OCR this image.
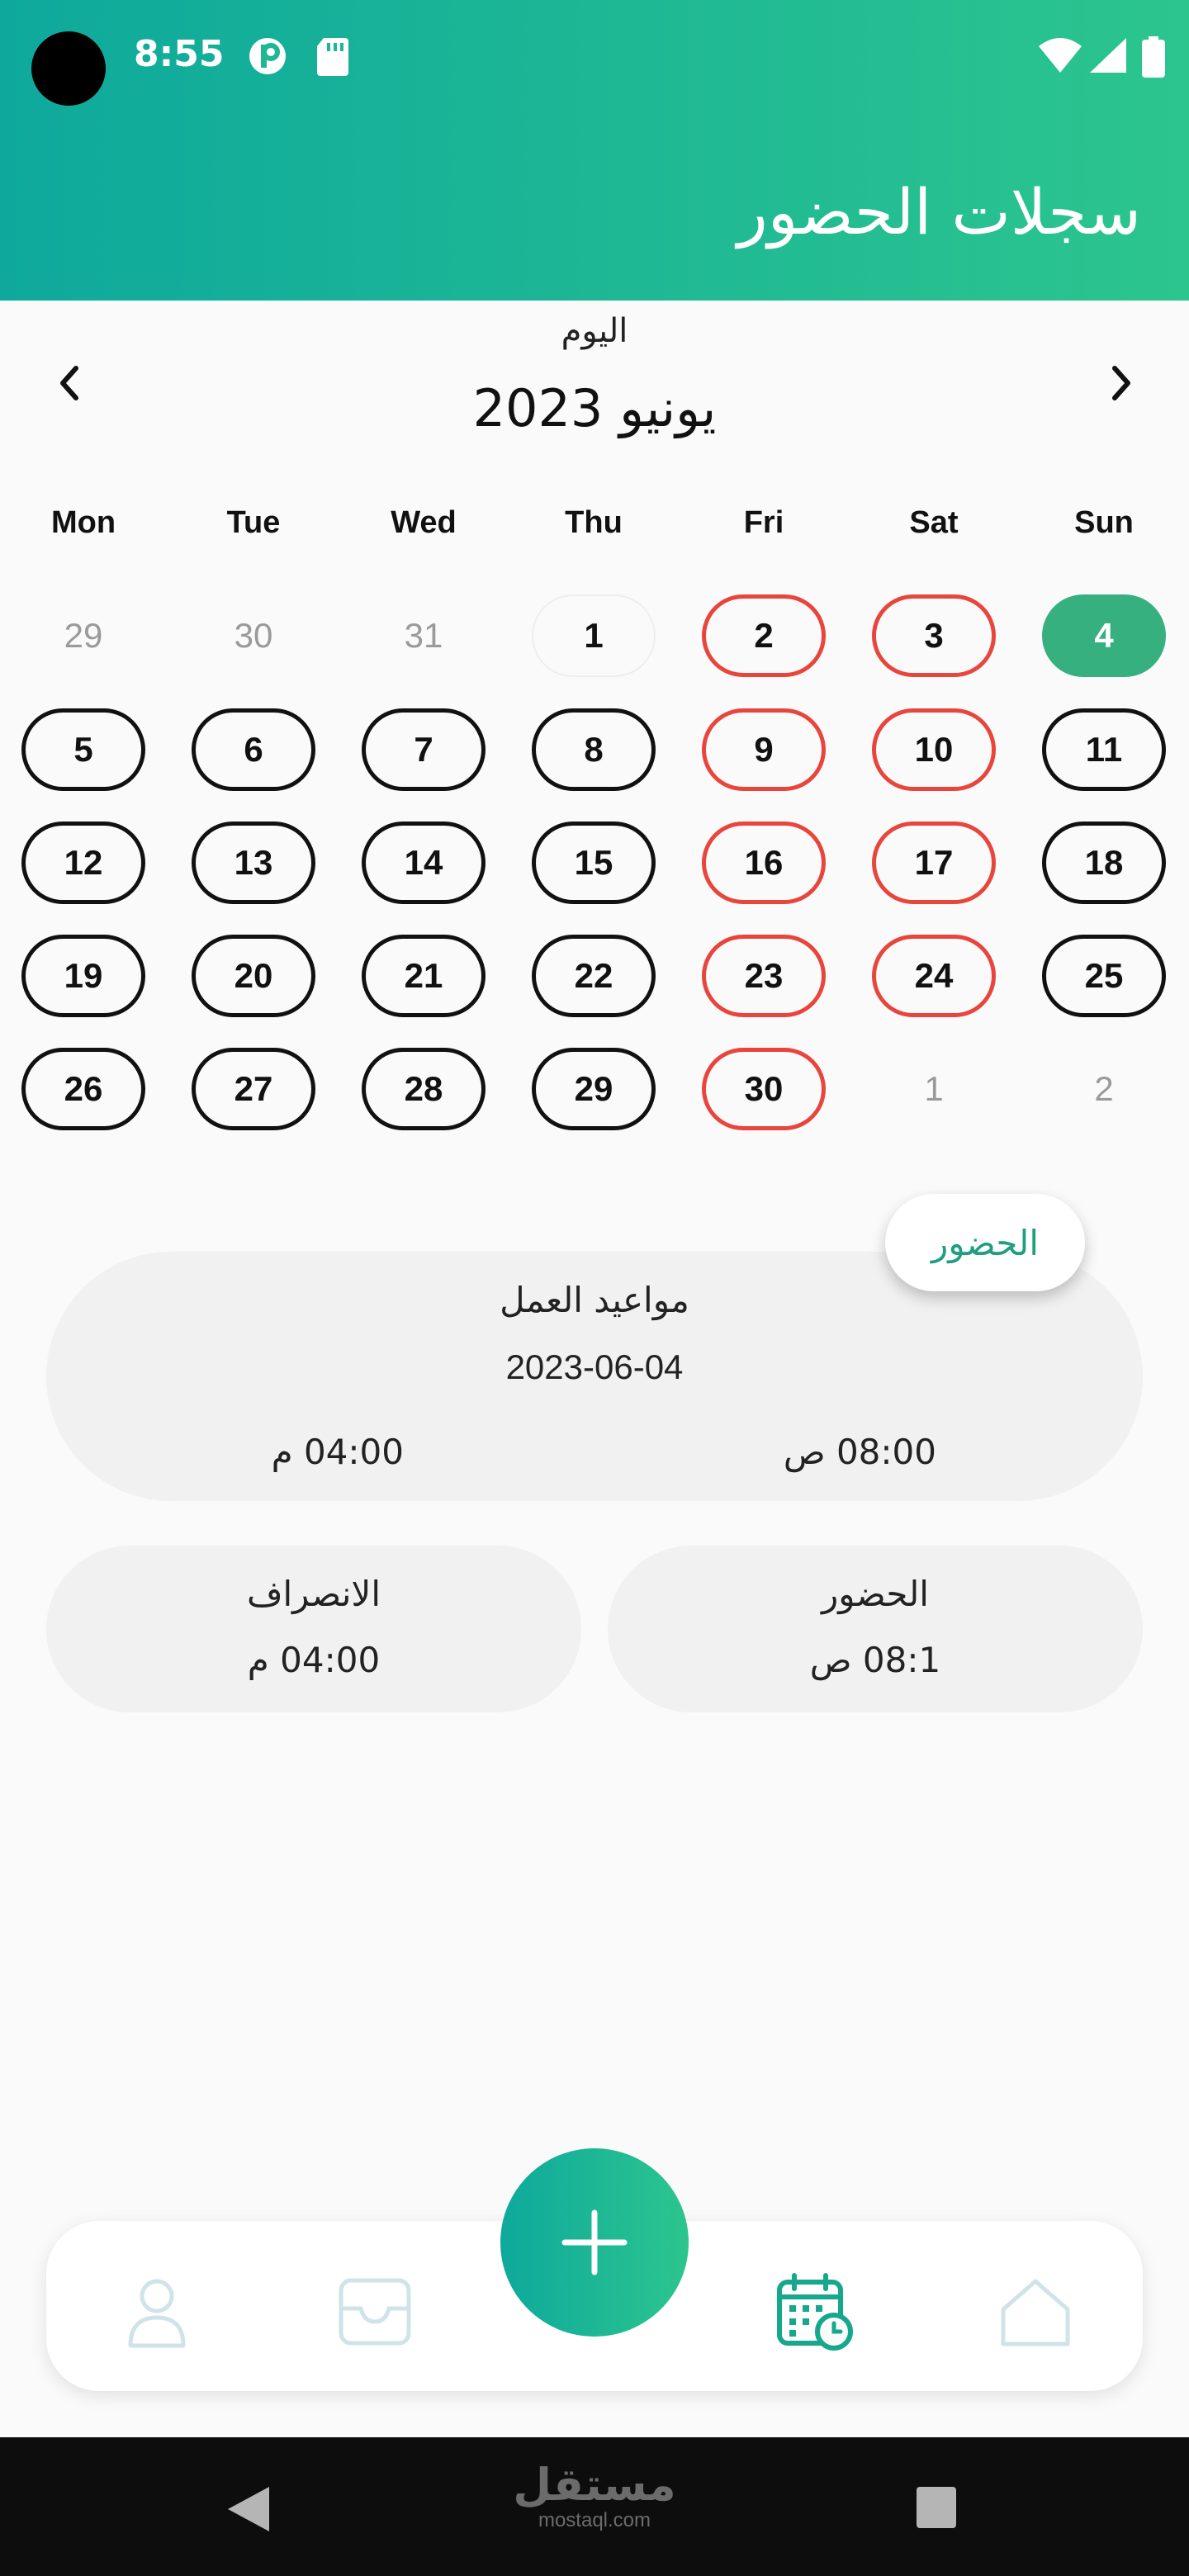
8:55
سجلات الحضور
اليوم
يونيو 2023
Mon	Tue	Wed	Thu	Fri	Sat	Sun
29	30	31	1	2	3	4
5	6	7	8	9	10	11
12	13	14	15	16	17	18
19	20	21	22	23	24	25
26	27	28	29	30	1	2
مواعيد العمل
2023-06-04
08:00 ص
04:00 م
الحضور
الحضور
08:1 ص
الانصراف
04:00 م
مستقل
mostaql.com
